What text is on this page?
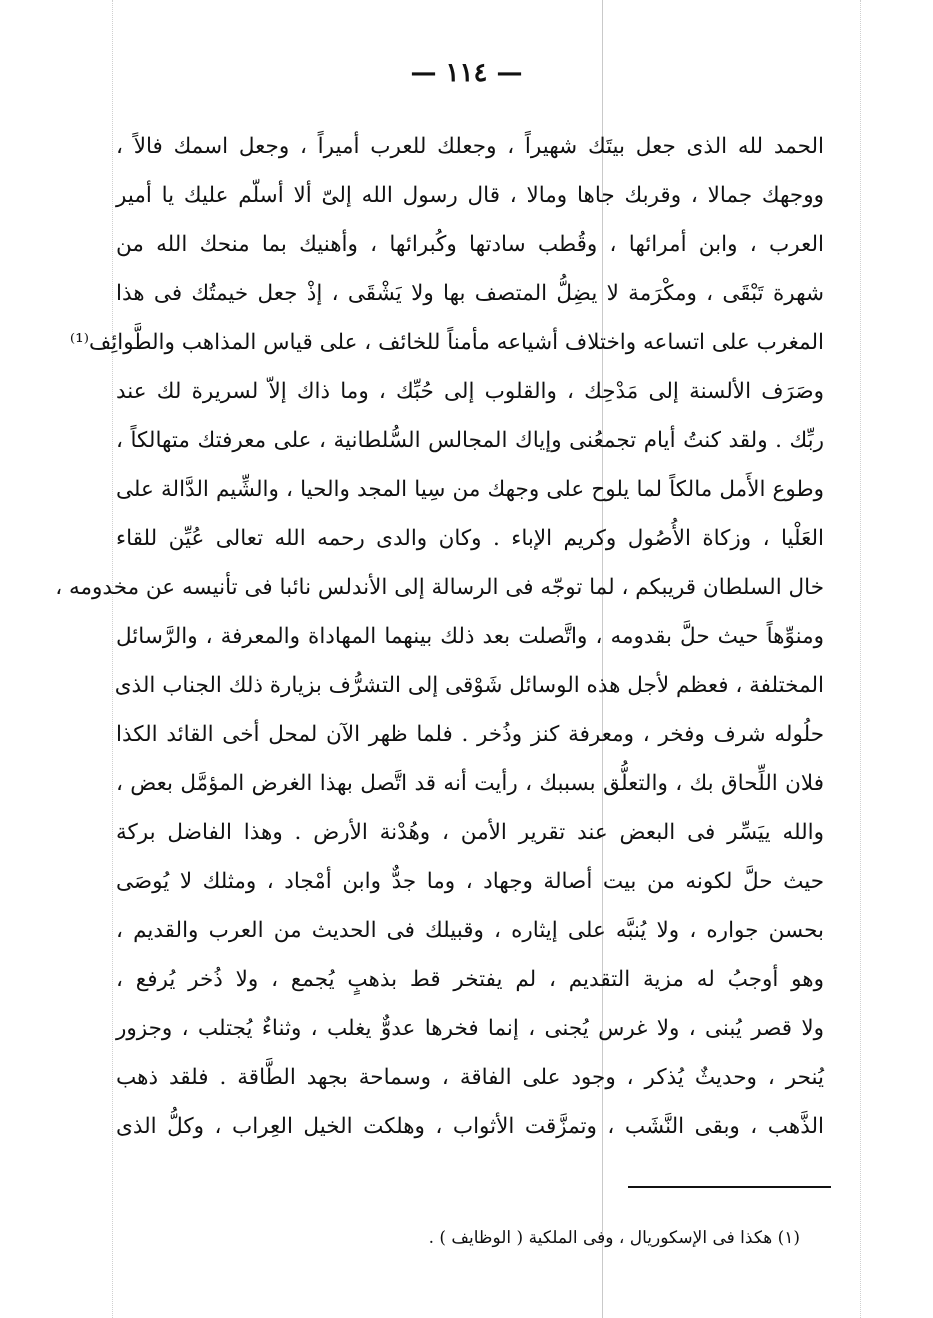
— ١١٤ —
الحمد لله الذى جعل بيتَك شهيراً ، وجعلك للعرب أميراً ، وجعل اسمك فالاً ،
ووجهك جمالا ، وقربك جاها ومالا ، قال رسول الله إلىّ ألا أسلّم عليك يا أمير
العرب ، وابن أمرائها ، وقُطب سادتها وكُبرائها ، وأهنيك بما منحك الله من
شهرة تَبْقَى ، ومكْرَمة لا يضِلُّ المتصف بها ولا يَشْقَى ، إذْ جعل خيمتُك فى هذا
المغرب على اتساعه واختلاف أشياعه مأمناً للخائف ، على قياس المذاهب والطَّوائِف⁽¹⁾
وصَرَف الألسنة إلى مَدْحِك ، والقلوب إلى حُبِّك ، وما ذاك إلاّ لسريرة لك عند
ربِّك . ولقد كنتُ أيام تجمعُنى وإياك المجالس السُّلطانية ، على معرفتك متهالكاً ،
وطوع الأَمل مالكاً لما يلوح على وجهك من سِيا المجد والحيا ، والشِّيم الدَّالة على
العَلْيا ، وزكاة الأُصُول وكريم الإباء . وكان والدى رحمه الله تعالى عُيِّن للقاء
خال السلطان قريبكم ، لما توجّه فى الرسالة إلى الأندلس نائبا فى تأنيسه عن مخدومه ،
ومنوِّهاً حيث حلَّ بقدومه ، واتَّصلت بعد ذلك بينهما المهاداة والمعرفة ، والرَّسائل
المختلفة ، فعظم لأجل هذه الوسائل شَوْقى إلى التشرُّف بزيارة ذلك الجناب الذى
حلُوله شرف وفخر ، ومعرفة كنز وذُخر . فلما ظهر الآن لمحل أخى القائد الكذا
فلان اللِّحاق بك ، والتعلُّق بسببك ، رأيت أنه قد اتَّصل بهذا الغرض المؤمَّل بعض ،
والله ييَسِّر فى البعض عند تقرير الأمن ، وهُدْنة الأرض . وهذا الفاضل بركة
حيث حلَّ لكونه من بيت أصالة وجهاد ، وما جدٌّ وابن أمْجاد ، ومثلك لا يُوصَى
بحسن جواره ، ولا يُنبَّه على إيثاره ، وقبيلك فى الحديث من العرب والقديم ،
وهو أوجبُ له مزية التقديم ، لم يفتخر قط بذهبٍ يُجمع ، ولا ذُخر يُرفع ،
ولا قصر يُبنى ، ولا غرس يُجنى ، إنما فخرها عدوٌّ يغلب ، وثناءٌ يُجتلب ، وجزور
يُنحر ، وحديثٌ يُذكر ، وجود على الفاقة ، وسماحة بجهد الطَّاقة . فلقد ذهب
الذَّهب ، وبقى النَّشَب ، وتمزَّقت الأثواب ، وهلكت الخيل العِراب ، وكلُّ الذى
(١) هكذا فى الإسكوريال ، وفى الملكية ( الوظايف ) .
